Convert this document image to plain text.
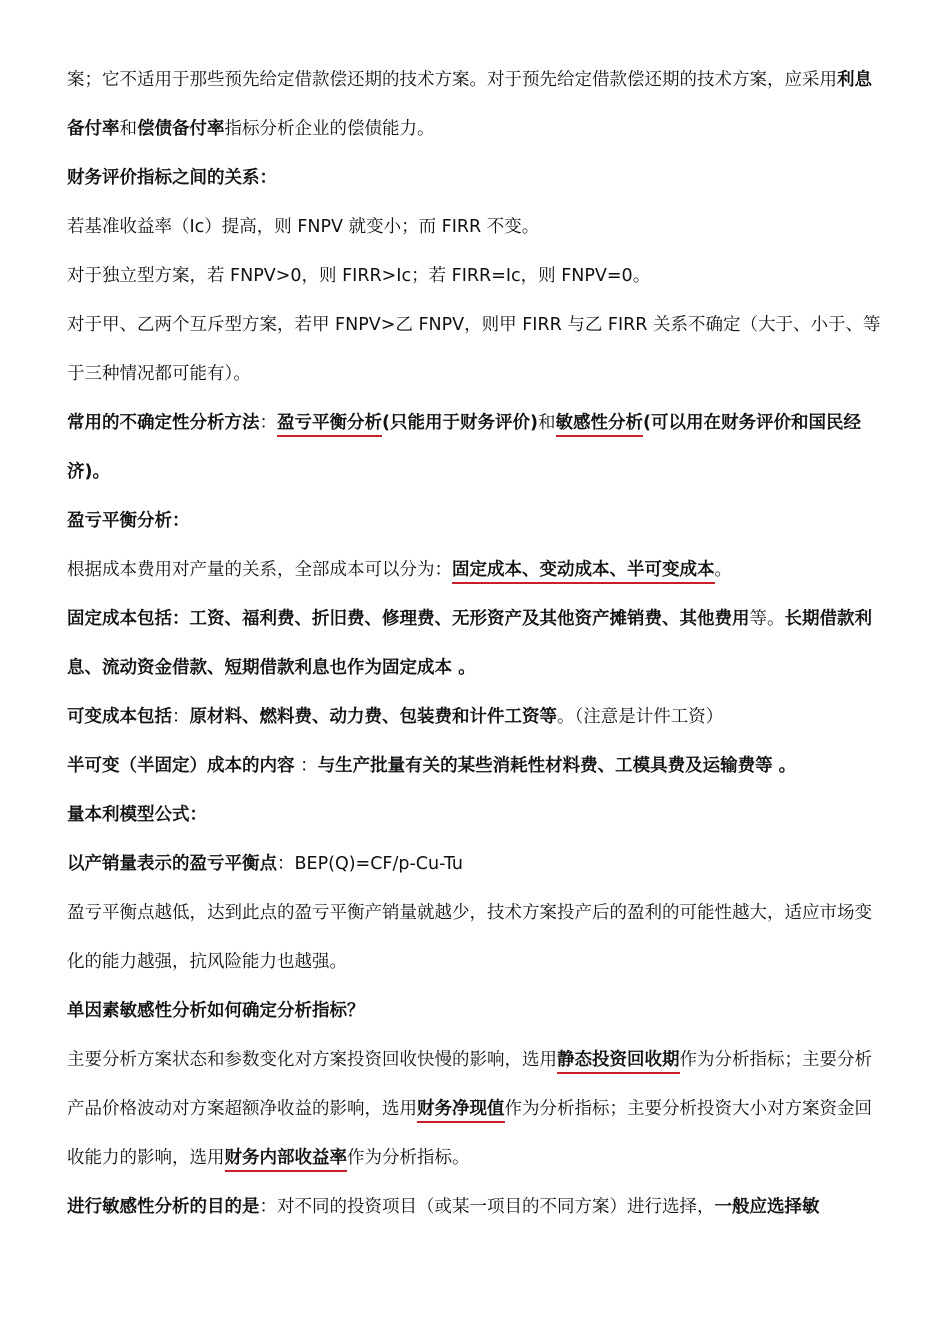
案；它不适用于那些预先给定借款偿还期的技术方案。对于预先给定借款偿还期的技术方案，应采用利息备付率和偿债备付率指标分析企业的偿债能力。

财务评价指标之间的关系：

若基准收益率（Ic）提高，则 FNPV 就变小；而 FIRR 不变。

对于独立型方案，若 FNPV>0，则 FIRR>Ic；若 FIRR=Ic，则 FNPV=0。

对于甲、乙两个互斥型方案，若甲 FNPV>乙 FNPV，则甲 FIRR 与乙 FIRR 关系不确定（大于、小于、等于三种情况都可能有）。

常用的不确定性分析方法：盈亏平衡分析(只能用于财务评价)和敏感性分析(可以用在财务评价和国民经济)。

盈亏平衡分析：

根据成本费用对产量的关系，全部成本可以分为：固定成本、变动成本、半可变成本。

固定成本包括：工资、福利费、折旧费、修理费、无形资产及其他资产摊销费、其他费用等。长期借款利息、流动资金借款、短期借款利息也作为固定成本 。

可变成本包括：原材料、燃料费、动力费、包装费和计件工资等。（注意是计件工资）

半可变（半固定）成本的内容 ：与生产批量有关的某些消耗性材料费、工模具费及运输费等 。

量本利模型公式：

以产销量表示的盈亏平衡点：BEP(Q)=CF/p-Cu-Tu

盈亏平衡点越低，达到此点的盈亏平衡产销量就越少，技术方案投产后的盈利的可能性越大，适应市场变化的能力越强，抗风险能力也越强。

单因素敏感性分析如何确定分析指标？

主要分析方案状态和参数变化对方案投资回收快慢的影响，选用静态投资回收期作为分析指标；主要分析产品价格波动对方案超额净收益的影响，选用财务净现值作为分析指标；主要分析投资大小对方案资金回收能力的影响，选用财务内部收益率作为分析指标。

进行敏感性分析的目的是：对不同的投资项目（或某一项目的不同方案）进行选择，一般应选择敏
